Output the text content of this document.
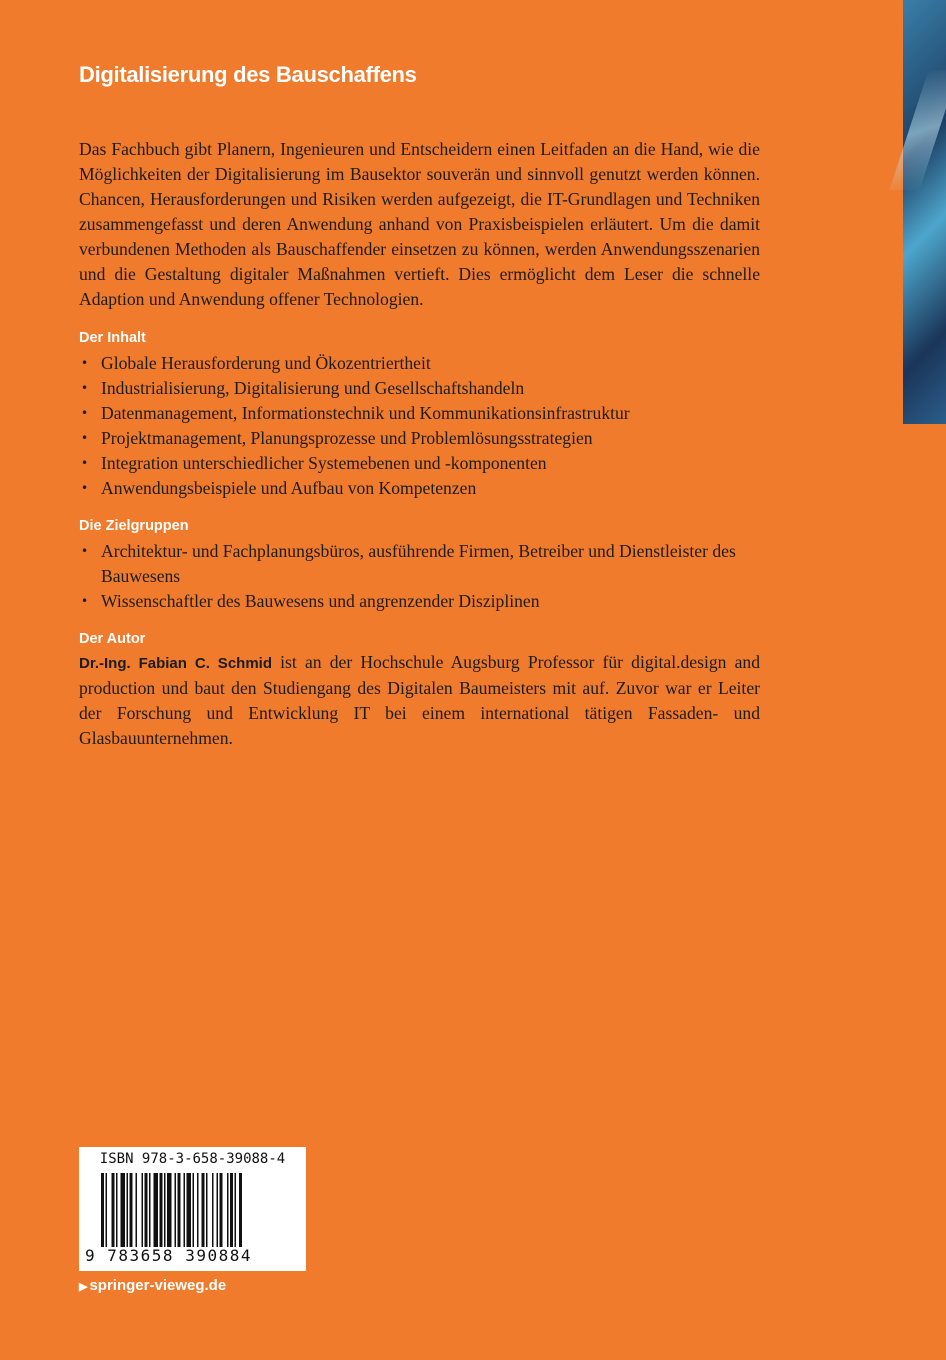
Digitalisierung des Bauschaffens

Das Fachbuch gibt Planern, Ingenieuren und Entscheidern einen Leitfaden an die Hand, wie die Möglichkeiten der Digitalisierung im Bausektor souverän und sinnvoll genutzt werden können. Chancen, Herausforderungen und Risiken werden aufgezeigt, die IT-Grundlagen und Techniken zusammengefasst und deren Anwendung anhand von Praxisbeispielen erläutert. Um die damit verbundenen Methoden als Bauschaffender einsetzen zu können, werden Anwendungsszenarien und die Gestaltung digitaler Maßnahmen vertieft. Dies ermöglicht dem Leser die schnelle Adaption und Anwendung offener Technologien.

Der Inhalt

• Globale Herausforderung und Ökozentriertheit
• Industrialisierung, Digitalisierung und Gesellschaftshandeln
• Datenmanagement, Informationstechnik und Kommunikationsinfrastruktur
• Projektmanagement, Planungsprozesse und Problemlösungsstrategien
• Integration unterschiedlicher Systemebenen und -komponenten
• Anwendungsbeispiele und Aufbau von Kompetenzen

Die Zielgruppen

• Architektur- und Fachplanungsbüros, ausführende Firmen, Betreiber und Dienstleister des Bauwesens
• Wissenschaftler des Bauwesens und angrenzender Disziplinen

Der Autor

Dr.-Ing. Fabian C. Schmid ist an der Hochschule Augsburg Professor für digital.design and production und baut den Studiengang des Digitalen Baumeisters mit auf. Zuvor war er Leiter der Forschung und Entwicklung IT bei einem international tätigen Fassaden- und Glasbauunternehmen.

ISBN 978-3-658-39088-4
9 783658 390884
▶ springer-vieweg.de
